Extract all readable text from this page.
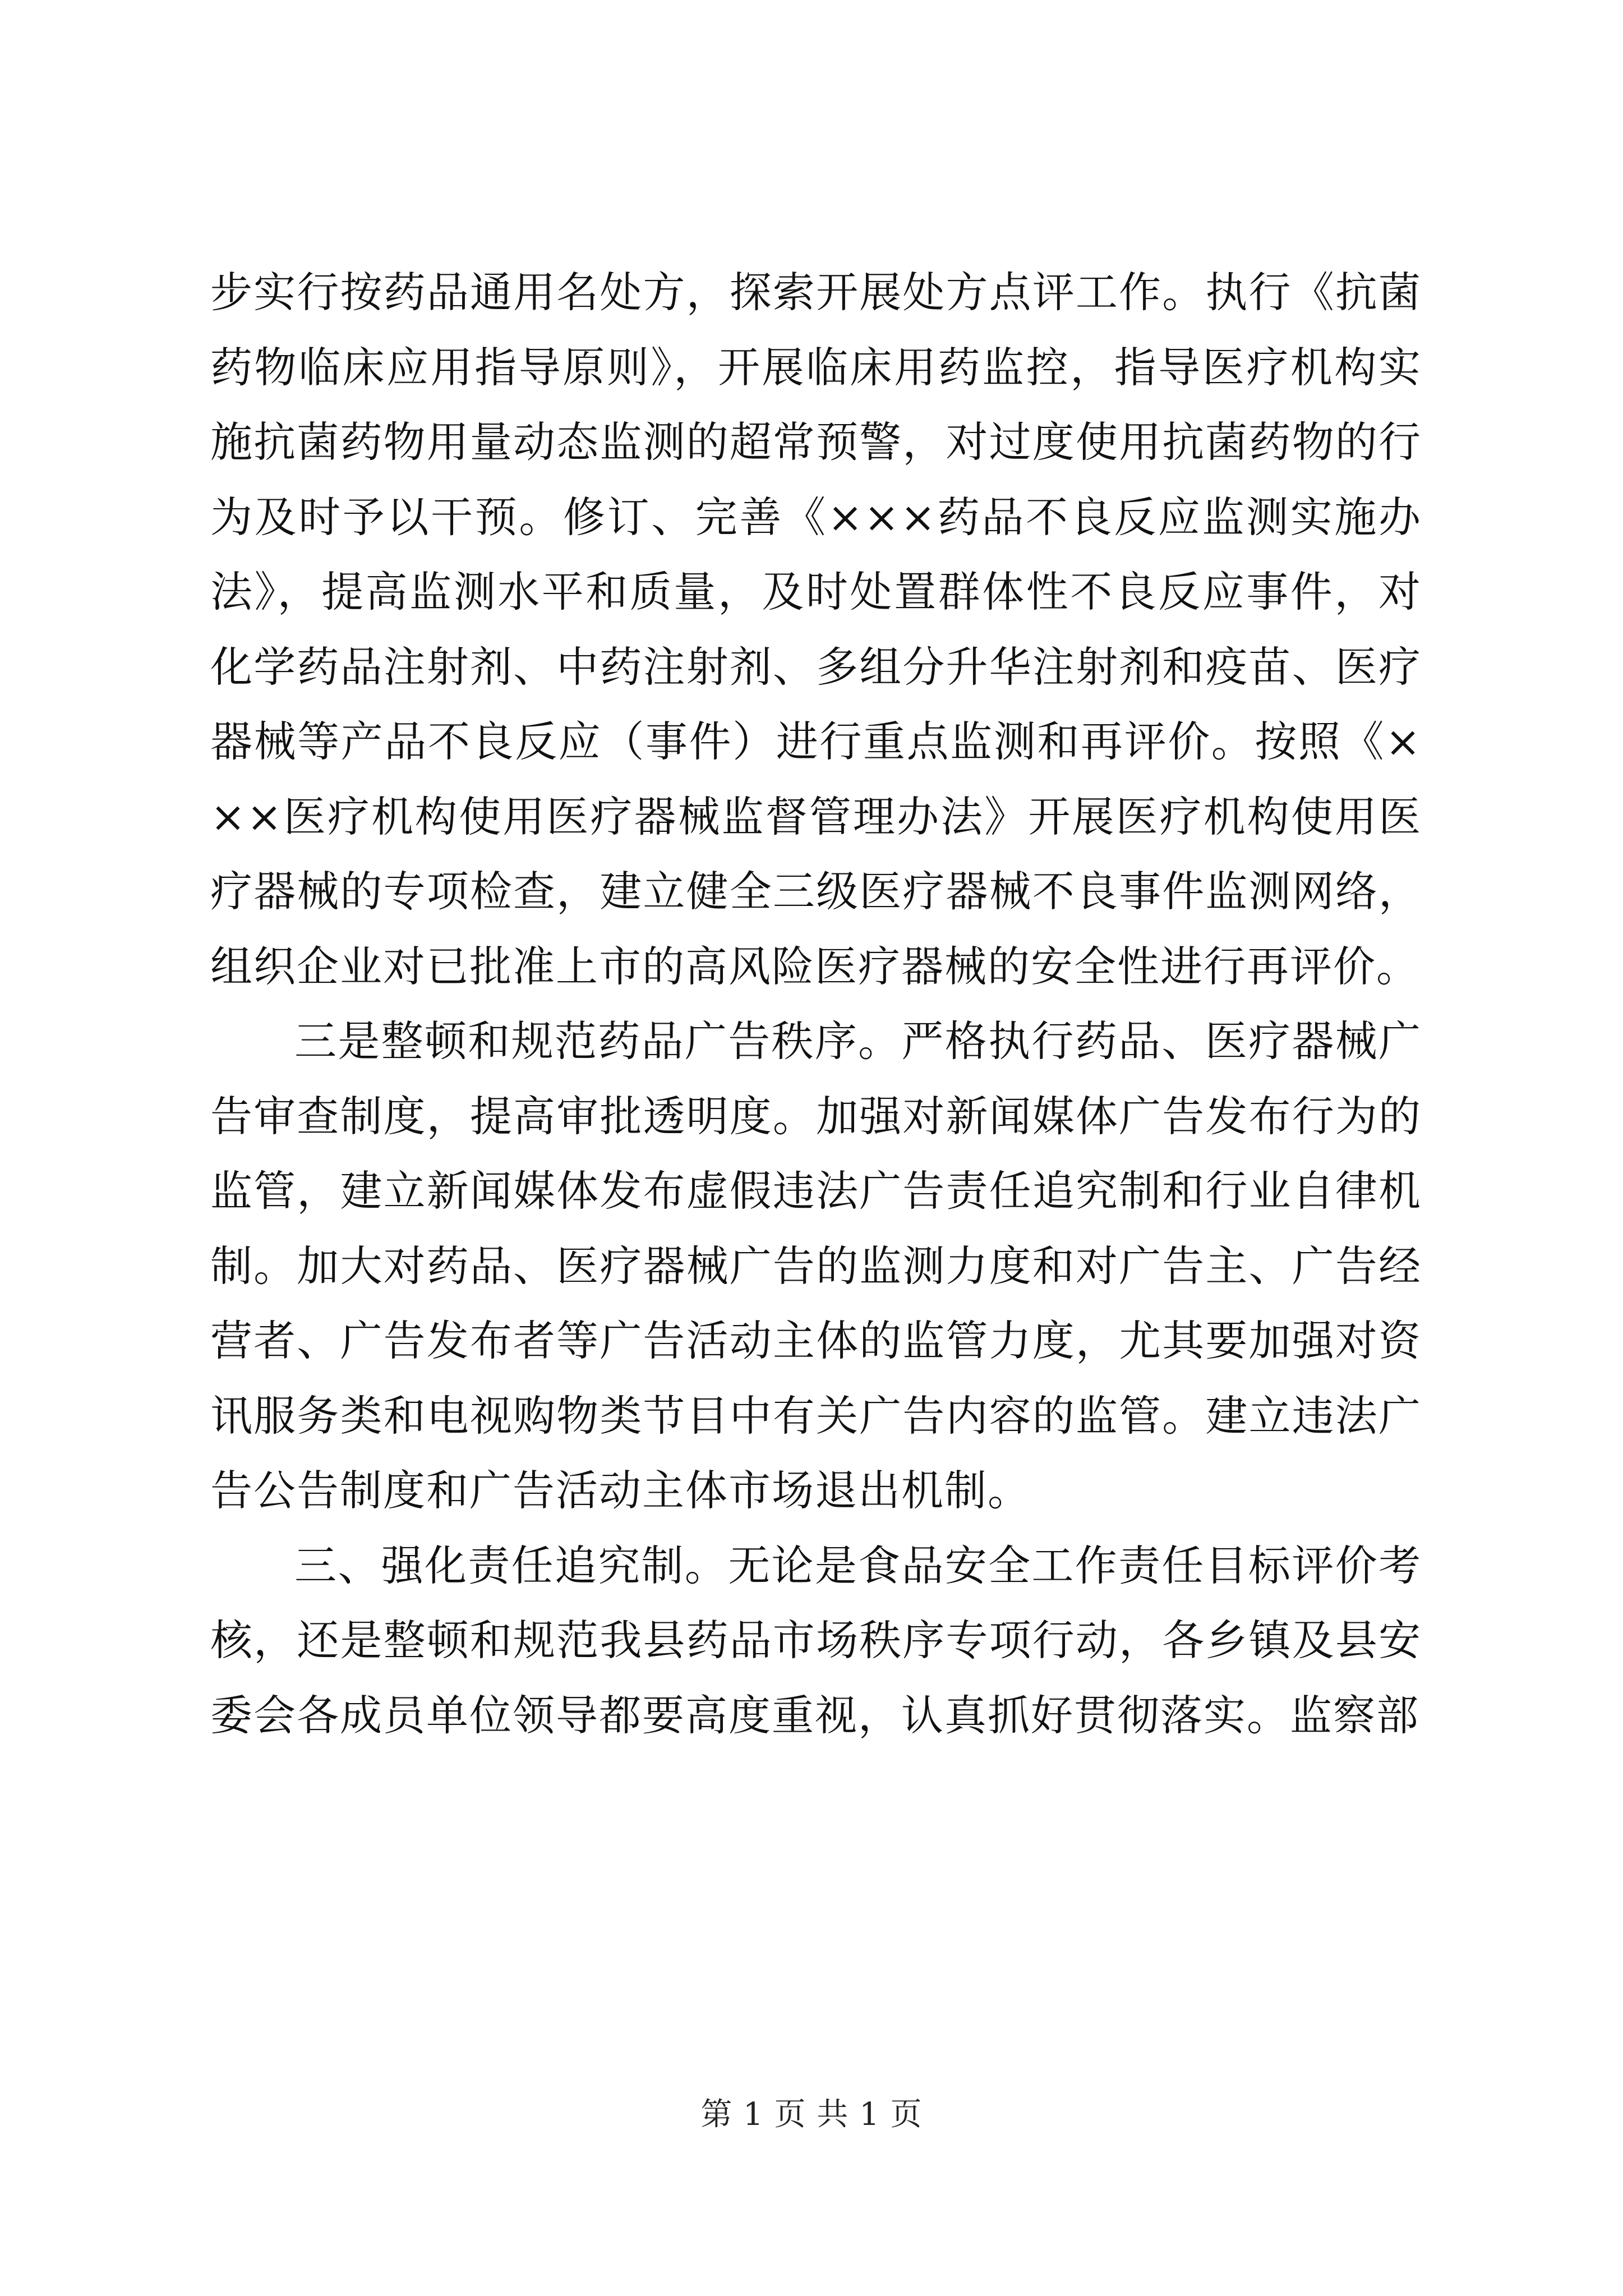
步实行按药品通用名处方，探索开展处方点评工作。执行《抗菌药物临床应用指导原则》，开展临床用药监控，指导医疗机构实施抗菌药物用量动态监测的超常预警，对过度使用抗菌药物的行为及时予以干预。修订、完善《×××药品不良反应监测实施办法》，提高监测水平和质量，及时处置群体性不良反应事件，对化学药品注射剂、中药注射剂、多组分升华注射剂和疫苗、医疗器械等产品不良反应（事件）进行重点监测和再评价。按照《×××医疗机构使用医疗器械监督管理办法》开展医疗机构使用医疗器械的专项检查，建立健全三级医疗器械不良事件监测网络，组织企业对已批准上市的高风险医疗器械的安全性进行再评价。

三是整顿和规范药品广告秩序。严格执行药品、医疗器械广告审查制度，提高审批透明度。加强对新闻媒体广告发布行为的监管，建立新闻媒体发布虚假违法广告责任追究制和行业自律机制。加大对药品、医疗器械广告的监测力度和对广告主、广告经营者、广告发布者等广告活动主体的监管力度，尤其要加强对资讯服务类和电视购物类节目中有关广告内容的监管。建立违法广告公告制度和广告活动主体市场退出机制。

三、强化责任追究制。无论是食品安全工作责任目标评价考核，还是整顿和规范我县药品市场秩序专项行动，各乡镇及县安委会各成员单位领导都要高度重视，认真抓好贯彻落实。监察部

第 1 页 共 1 页
